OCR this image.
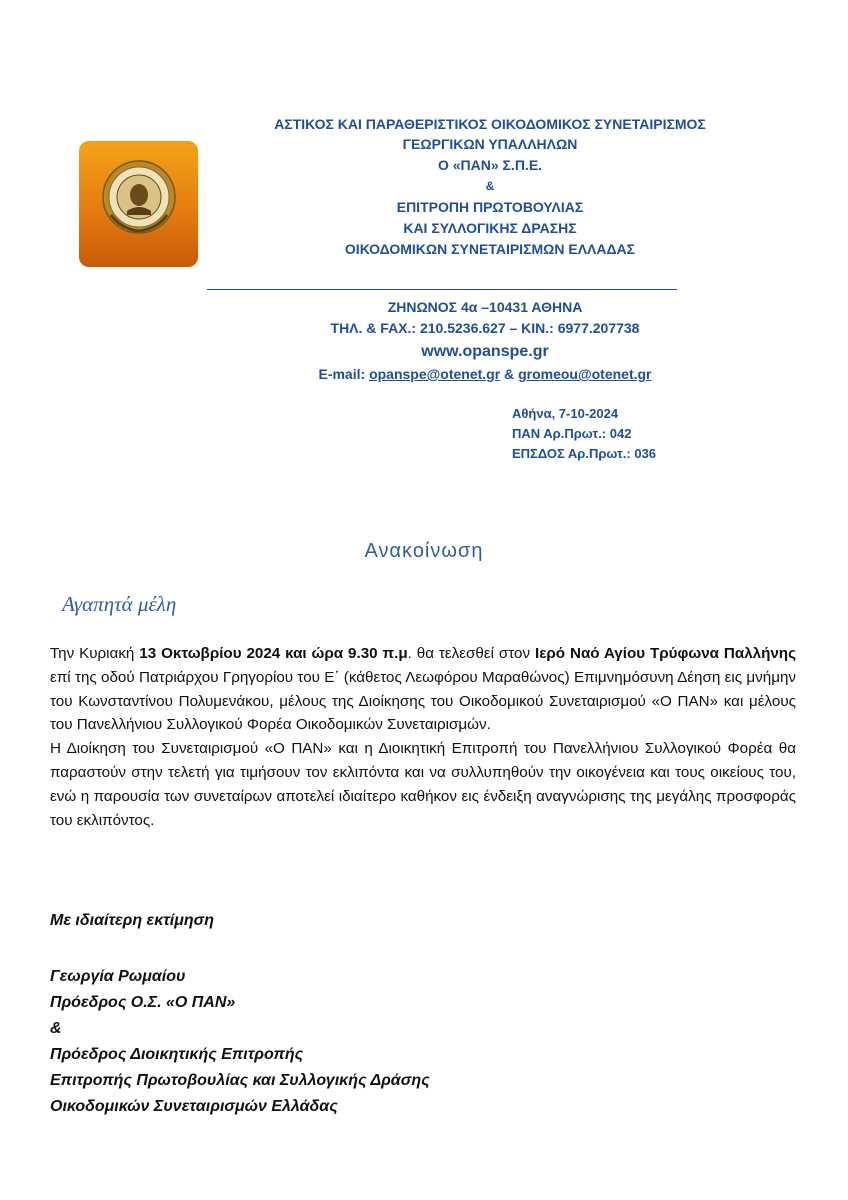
ΑΣΤΙΚΟΣ ΚΑΙ ΠΑΡΑΘΕΡΙΣΤΙΚΟΣ ΟΙΚΟΔΟΜΙΚΟΣ ΣΥΝΕΤΑΙΡΙΣΜΟΣ
ΓΕΩΡΓΙΚΩΝ ΥΠΑΛΛΗΛΩΝ
Ο «ΠΑΝ» Σ.Π.Ε.
&
ΕΠΙΤΡΟΠΗ ΠΡΩΤΟΒΟΥΛΙΑΣ
ΚΑΙ ΣΥΛΛΟΓΙΚΗΣ ΔΡΑΣΗΣ
ΟΙΚΟΔΟΜΙΚΩΝ ΣΥΝΕΤΑΙΡΙΣΜΩΝ ΕΛΛΑΔΑΣ
ΖΗΝΩΝΟΣ 4α –10431 ΑΘΗΝΑ
ΤΗΛ. & FAX.: 210.5236.627 – ΚΙΝ.: 6977.207738
www.opanspe.gr
E-mail: opanspe@otenet.gr & gromeou@otenet.gr
Αθήνα, 7-10-2024
ΠΑΝ Αρ.Πρωτ.: 042
ΕΠΣΔΟΣ Αρ.Πρωτ.: 036
Ανακοίνωση
Αγαπητά μέλη

Την Κυριακή 13 Οκτωβρίου 2024 και ώρα 9.30 π.μ. θα τελεσθεί στον Ιερό Ναό Αγίου Τρύφωνα Παλλήνης επί της οδού Πατριάρχου Γρηγορίου του Ε΄ (κάθετος Λεωφόρου Μαραθώνος) Επιμνημόσυνη Δέηση εις μνήμην του Κωνσταντίνου Πολυμενάκου, μέλους της Διοίκησης του Οικοδομικού Συνεταιρισμού «Ο ΠΑΝ» και μέλους του Πανελλήνιου Συλλογικού Φορέα Οικοδομικών Συνεταιρισμών.

Η Διοίκηση του Συνεταιρισμού «Ο ΠΑΝ» και η Διοικητική Επιτροπή του Πανελλήνιου Συλλογικού Φορέα θα παραστούν στην τελετή για τιμήσουν τον εκλιπόντα και να συλλυπηθούν την οικογένεια και τους οικείους του, ενώ η παρουσία των συνεταίρων αποτελεί ιδιαίτερο καθήκον εις ένδειξη αναγνώρισης της μεγάλης προσφοράς του εκλιπόντος.

Με ιδιαίτερη εκτίμηση
Γεωργία Ρωμαίου
Πρόεδρος Ο.Σ. «Ο ΠΑΝ»
&
Πρόεδρος Διοικητικής Επιτροπής
Επιτροπής Πρωτοβουλίας και Συλλογικής Δράσης
Οικοδομικών Συνεταιρισμών Ελλάδας
